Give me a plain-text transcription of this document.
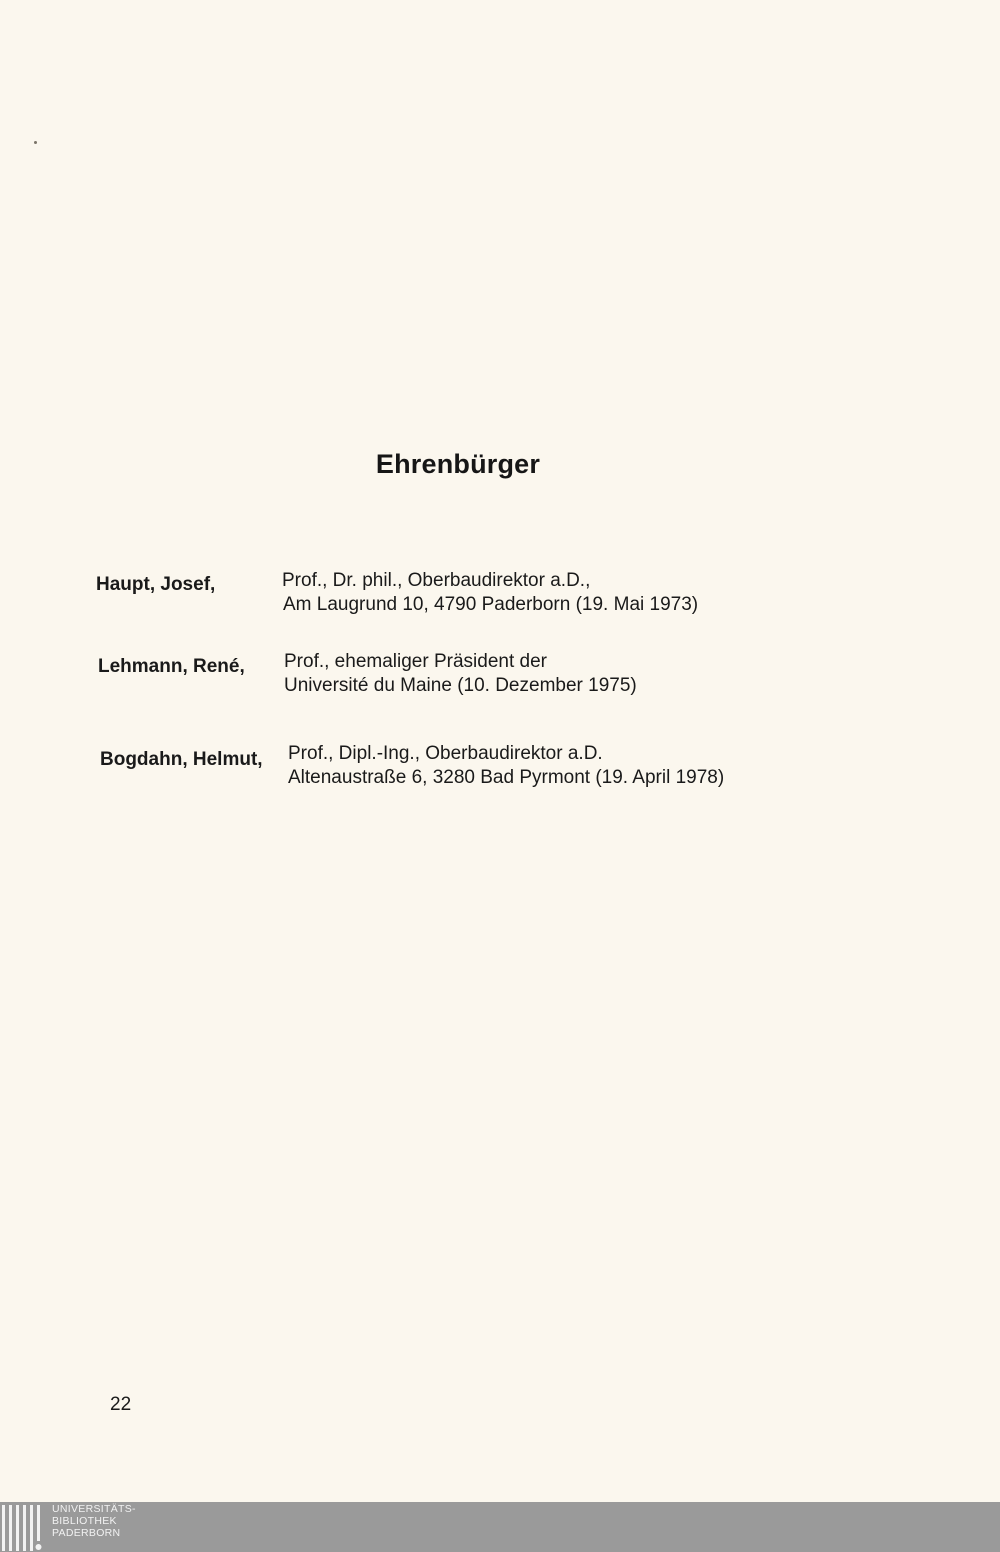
Ehrenbürger
Haupt, Josef,	Prof., Dr. phil., Oberbaudirektor a.D.,
Am Laugrund 10, 4790 Paderborn (19. Mai 1973)
Lehmann, René, Prof., ehemaliger Präsident der
Université du Maine (10. Dezember 1975)
Bogdahn, Helmut, Prof., Dipl.-Ing., Oberbaudirektor a.D.
Altenaustraße 6, 3280 Bad Pyrmont (19. April 1978)
22
UNIVERSITÄTS-
BIBLIOTHEK
PADERBORN
